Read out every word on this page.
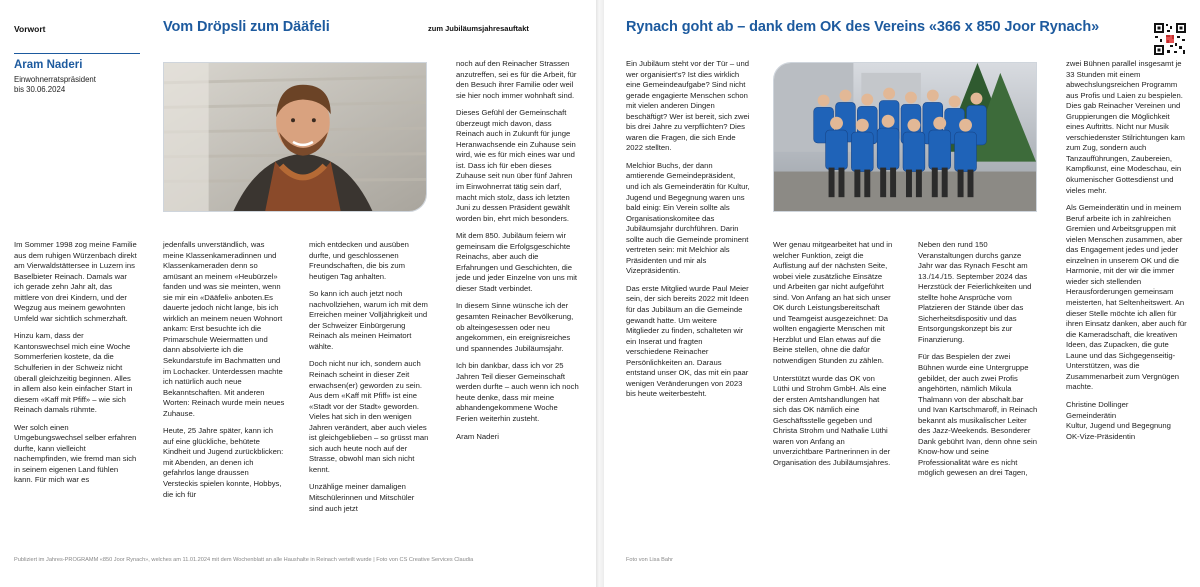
Vorwort	Vom Dröpsli zum Dääfeli	zum Jubiläumsjahresauftakt
Aram Naderi
Einwohnerratspräsident
bis 30.06.2024

Im Sommer 1998 zog meine Familie aus dem ruhigen Würzenbach direkt am Vierwaldstättersee in Luzern ins Baselbieter Reinach. Damals war ich gerade zehn Jahr alt, das mittlere von drei Kindern, und der Wegzug aus meinem gewohnten Umfeld war sichtlich schmerzhaft.

Hinzu kam, dass der Kantonswechsel mich eine Woche Sommerferien kostete, da die Schulferien in der Schweiz nicht überall gleichzeitig beginnen. Alles in allem also kein einfacher Start in diesem «Kaff mit Pfiff» – wie sich Reinach damals rühmte.

Wer solch einen Umgebungswechsel selber erfahren durfte, kann vielleicht nachempfinden, wie fremd man sich in seinem eigenen Land fühlen kann. Für mich war es

jedenfalls unverständlich, was meine Klassenkameradinnen und Klassenkameraden denn so amüsant an meinem «Heubürzel» fanden und was sie meinten, wenn sie mir ein «Dääfeli» anboten.Es dauerte jedoch nicht lange, bis ich wirklich an meinem neuen Wohnort ankam: Erst besuchte ich die Primarschule Weiermatten und dann absolvierte ich die Sekundarstufe im Bachmatten und im Lochacker. Unterdessen machte ich natürlich auch neue Bekanntschaften. Mit anderen Worten: Reinach wurde mein neues Zuhause.

Heute, 25 Jahre später, kann ich auf eine glückliche, behütete Kindheit und Jugend zurückblicken: mit Abenden, an denen ich gefahrlos lange draussen Versteckis spielen konnte, Hobbys, die ich für

mich entdecken und ausüben durfte, und geschlossenen Freundschaften, die bis zum heutigen Tag anhalten.

So kann ich auch jetzt noch nachvollziehen, warum ich mit dem Erreichen meiner Volljährigkeit und der Schweizer Einbürgerung Reinach als meinen Heimatort wählte.

Doch nicht nur ich, sondern auch Reinach scheint in dieser Zeit erwachsen(er) geworden zu sein. Aus dem «Kaff mit Pfiff» ist eine «Stadt vor der Stadt» geworden. Vieles hat sich in den wenigen Jahren verändert, aber auch vieles ist gleichgeblieben – so grüsst man sich auch heute noch auf der Strasse, obwohl man sich nicht kennt.

Unzählige meiner damaligen Mitschülerinnen und Mitschüler sind auch jetzt

noch auf den Reinacher Strassen anzutreffen, sei es für die Arbeit, für den Besuch ihrer Familie oder weil sie hier noch immer wohnhaft sind.

Dieses Gefühl der Gemeinschaft überzeugt mich davon, dass Reinach auch in Zukunft für junge Heranwachsende ein Zuhause sein wird, wie es für mich eines war und ist. Dass ich für eben dieses Zuhause seit nun über fünf Jahren im Einwohnerrat tätig sein darf, macht mich stolz, dass ich letzten Juni zu dessen Präsident gewählt worden bin, ehrt mich besonders.

Mit dem 850. Jubiläum feiern wir gemeinsam die Erfolgsgeschichte Reinachs, aber auch die Erfahrungen und Geschichten, die jede und jeder Einzelne von uns mit dieser Stadt verbindet.

In diesem Sinne wünsche ich der gesamten Reinacher Bevölkerung, ob alteingesessen oder neu angekommen, ein ereignisreiches und spannendes Jubiläumsjahr.

Ich bin dankbar, dass ich vor 25 Jahren Teil dieser Gemeinschaft werden durfte – auch wenn ich noch heute denke, dass mir meine abhandengekommene Woche Ferien weiterhin zusteht.

Aram Naderi

Publiziert im Jahres-PROGRAMM «850 Joor Rynach», welches am 11.01.2024 mit dem Wochenblatt an alle Haushalte in Reinach verteilt wurde | Foto von CS Creative Services Claudia
Rynach goht ab – dank dem OK des Vereins «366 x 850 Joor Rynach»

Ein Jubiläum steht vor der Tür – und wer organisiert's? Ist dies wirklich eine Gemeindeaufgabe? Sind nicht gerade engagierte Menschen schon mit vielen anderen Dingen beschäftigt? Wer ist bereit, sich zwei bis drei Jahre zu verpflichten? Dies waren die Fragen, die sich Ende 2022 stellten.

Melchior Buchs, der dann amtierende Gemeindepräsident, und ich als Gemeinderätin für Kultur, Jugend und Begegnung waren uns bald einig: Ein Verein sollte als Organisationskomitee das Jubiläumsjahr durchführen. Darin sollte auch die Gemeinde prominent vertreten sein: mit Melchior als Präsidenten und mir als Vizepräsidentin.

Das erste Mitglied wurde Paul Meier sein, der sich bereits 2022 mit Ideen für das Jubiläum an die Gemeinde gewandt hatte. Um weitere Mitglieder zu finden, schalteten wir ein Inserat und fragten verschiedene Reinacher Persönlichkeiten an. Daraus entstand unser OK, das mit ein paar wenigen Veränderungen von 2023 bis heute weiterbesteht.

Wer genau mitgearbeitet hat und in welcher Funktion, zeigt die Auflistung auf der nächsten Seite, wobei viele zusätzliche Einsätze und Arbeiten gar nicht aufgeführt sind. Von Anfang an hat sich unser OK durch Leistungsbereitschaft und Teamgeist ausgezeichnet: Da wollten engagierte Menschen mit Herzblut und Elan etwas auf die Beine stellen, ohne die dafür notwendigen Stunden zu zählen.

Unterstützt wurde das OK von Lüthi und Strohm GmbH. Als eine der ersten Amtshandlungen hat sich das OK nämlich eine Geschäftsstelle gegeben und Christa Strohm und Nathalie Lüthi waren von Anfang an unverzichtbare Partnerinnen in der Organisation des Jubiläumsjahres.

Neben den rund 150 Veranstaltungen durchs ganze Jahr war das Rynach Fescht am 13./14./15. September 2024 das Herzstück der Feierlichkeiten und stellte hohe Ansprüche vom Platzieren der Stände über das Sicherheitsdispositiv und das Entsorgungskonzept bis zur Finanzierung.

Für das Bespielen der zwei Bühnen wurde eine Untergruppe gebildet, der auch zwei Profis angehörten, nämlich Mikula Thalmann von der abschalt.bar und Ivan Kartschmaroff, in Reinach bekannt als musikalischer Leiter des Jazz-Weekends. Besonderer Dank gebührt Ivan, denn ohne sein Know-how und seine Professionalität wäre es nicht möglich gewesen an drei Tagen,

zwei Bühnen parallel insgesamt je 33 Stunden mit einem abwechslungsreichen Programm aus Profis und Laien zu bespielen. Dies gab Reinacher Vereinen und Gruppierungen die Möglichkeit eines Auftritts. Nicht nur Musik verschiedenster Stilrichtungen kam zum Zug, sondern auch Tanzaufführungen, Zaubereien, Kampfkunst, eine Modeschau, ein ökumenischer Gottesdienst und vieles mehr.

Als Gemeinderätin und in meinem Beruf arbeite ich in zahlreichen Gremien und Arbeitsgruppen mit vielen Menschen zusammen, aber das Engagement jedes und jeder einzelnen in unserem OK und die Harmonie, mit der wir die immer wieder sich stellenden Herausforderungen gemeinsam meisterten, hat Seltenheitswert. An dieser Stelle möchte ich allen für ihren Einsatz danken, aber auch für die Kameradschaft, die kreativen Ideen, das Zupacken, die gute Laune und das Sichgegenseitig-Unterstützen, was die Zusammenarbeit zum Vergnügen machte.

Christine Dollinger

Gemeinderätin

Kultur, Jugend und Begegnung

OK-Vize-Präsidentin

Foto von Lisa Bahr
